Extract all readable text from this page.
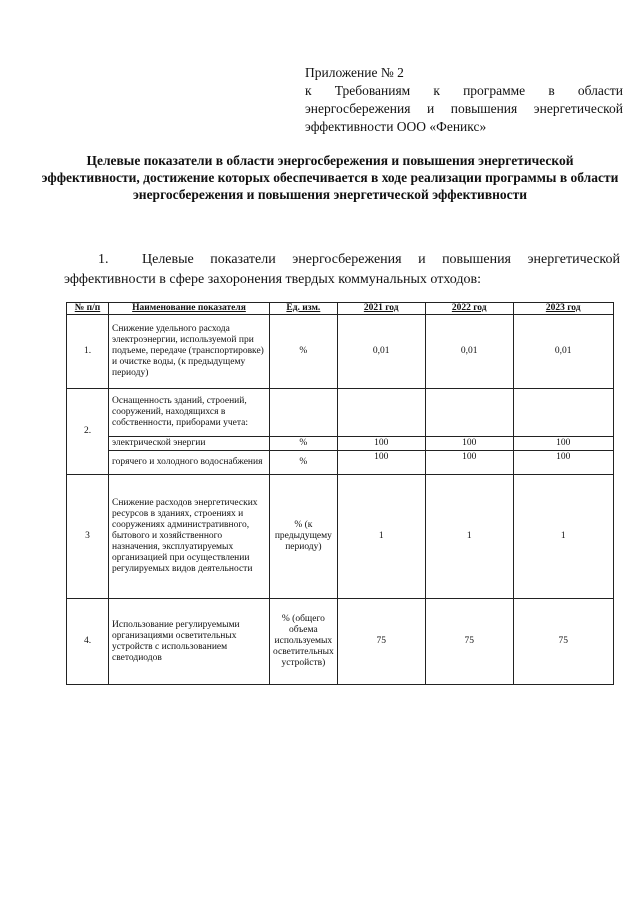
Приложение № 2
к Требованиям к программе в области
энергосбережения и повышения энергетической
эффективности ООО «Феникс»
Целевые показатели в области энергосбережения и повышения энергетической эффективности, достижение которых обеспечивается в ходе реализации программы в области энергосбережения и повышения энергетической эффективности
1. Целевые показатели энергосбережения и повышения энергетической эффективности в сфере захоронения твердых коммунальных отходов:
№ п/п	Наименование показателя	Ед. изм.	2021 год	2022 год	2023 год
1.	Снижение удельного расхода электроэнергии, используемой при подъеме, передаче (транспортировке) и очистке воды, (к предыдущему периоду)	%	0,01	0,01	0,01
2.	Оснащенность зданий, строений, сооружений, находящихся в собственности, приборами учета:				
	электрической энергии	%	100	100	100
	горячего и холодного водоснабжения	%	100	100	100
3	Снижение расходов энергетических ресурсов в зданиях, строениях и сооружениях административного, бытового и хозяйственного назначения, эксплуатируемых организацией при осуществлении регулируемых видов деятельности	% (к предыдущему периоду)	1	1	1
4.	Использование регулируемыми организациями осветительных устройств с использованием светодиодов	% (общего объема используемых осветительных устройств)	75	75	75
